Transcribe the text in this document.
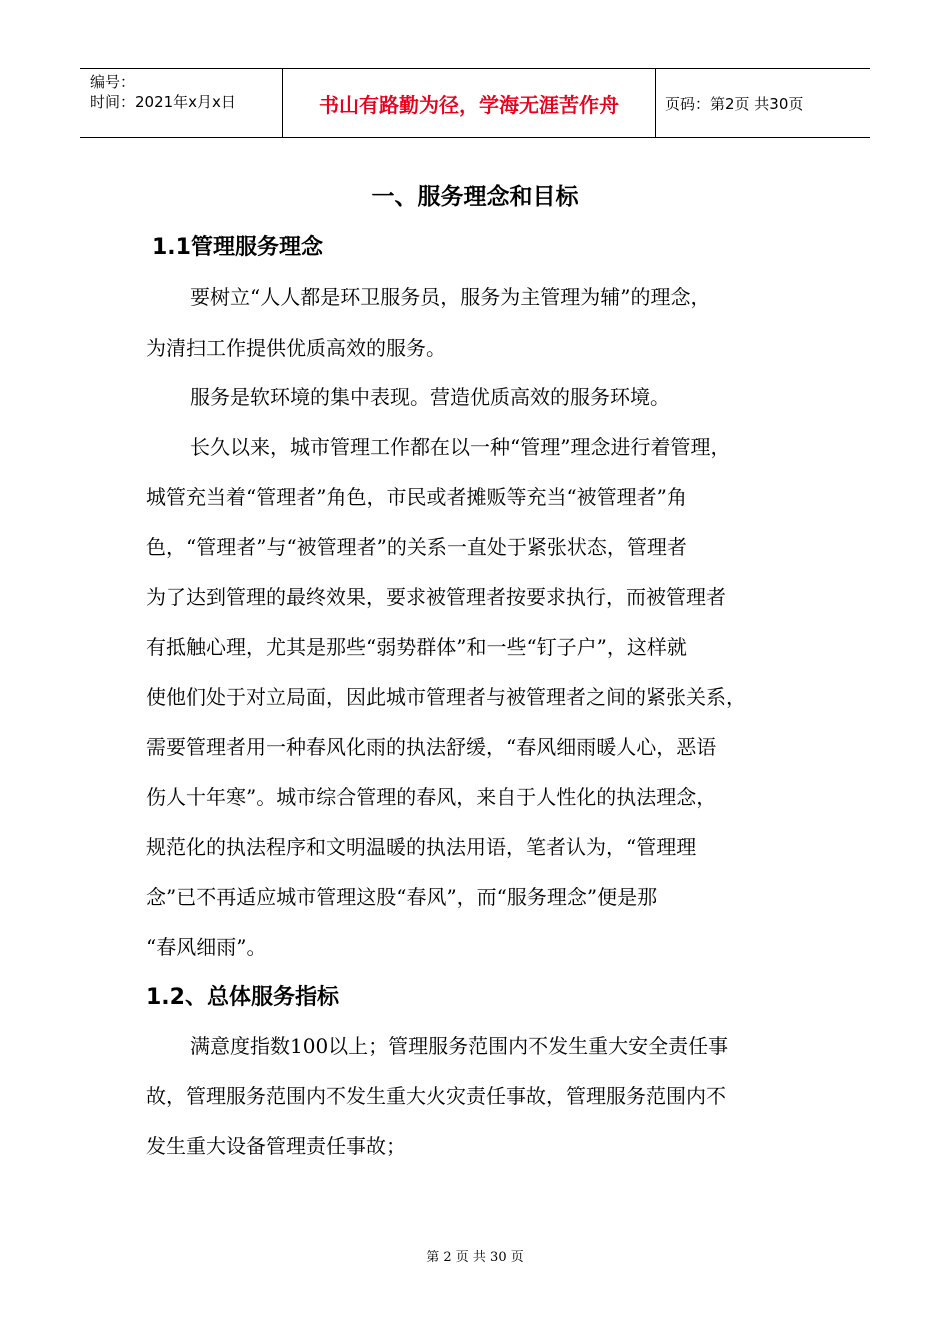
编号：
时间：2021年x月x日	书山有路勤为径，学海无涯苦作舟	页码：第2页 共30页
一、服务理念和目标
1.1管理服务理念
要树立“人人都是环卫服务员，服务为主管理为辅”的理念，
为清扫工作提供优质高效的服务。
服务是软环境的集中表现。营造优质高效的服务环境。
长久以来，城市管理工作都在以一种“管理”理念进行着管理，
城管充当着“管理者”角色，市民或者摊贩等充当“被管理者”角
色，“管理者”与“被管理者”的关系一直处于紧张状态，管理者
为了达到管理的最终效果，要求被管理者按要求执行，而被管理者
有抵触心理，尤其是那些“弱势群体”和一些“钉子户”，这样就
使他们处于对立局面，因此城市管理者与被管理者之间的紧张关系，
需要管理者用一种春风化雨的执法舒缓，“春风细雨暖人心，恶语
伤人十年寒”。城市综合管理的春风，来自于人性化的执法理念，
规范化的执法程序和文明温暖的执法用语，笔者认为，“管理理
念”已不再适应城市管理这股“春风”，而“服务理念”便是那
“春风细雨”。
1.2、总体服务指标
满意度指数100以上；管理服务范围内不发生重大安全责任事
故，管理服务范围内不发生重大火灾责任事故，管理服务范围内不
发生重大设备管理责任事故；
第 2 页 共 30 页
